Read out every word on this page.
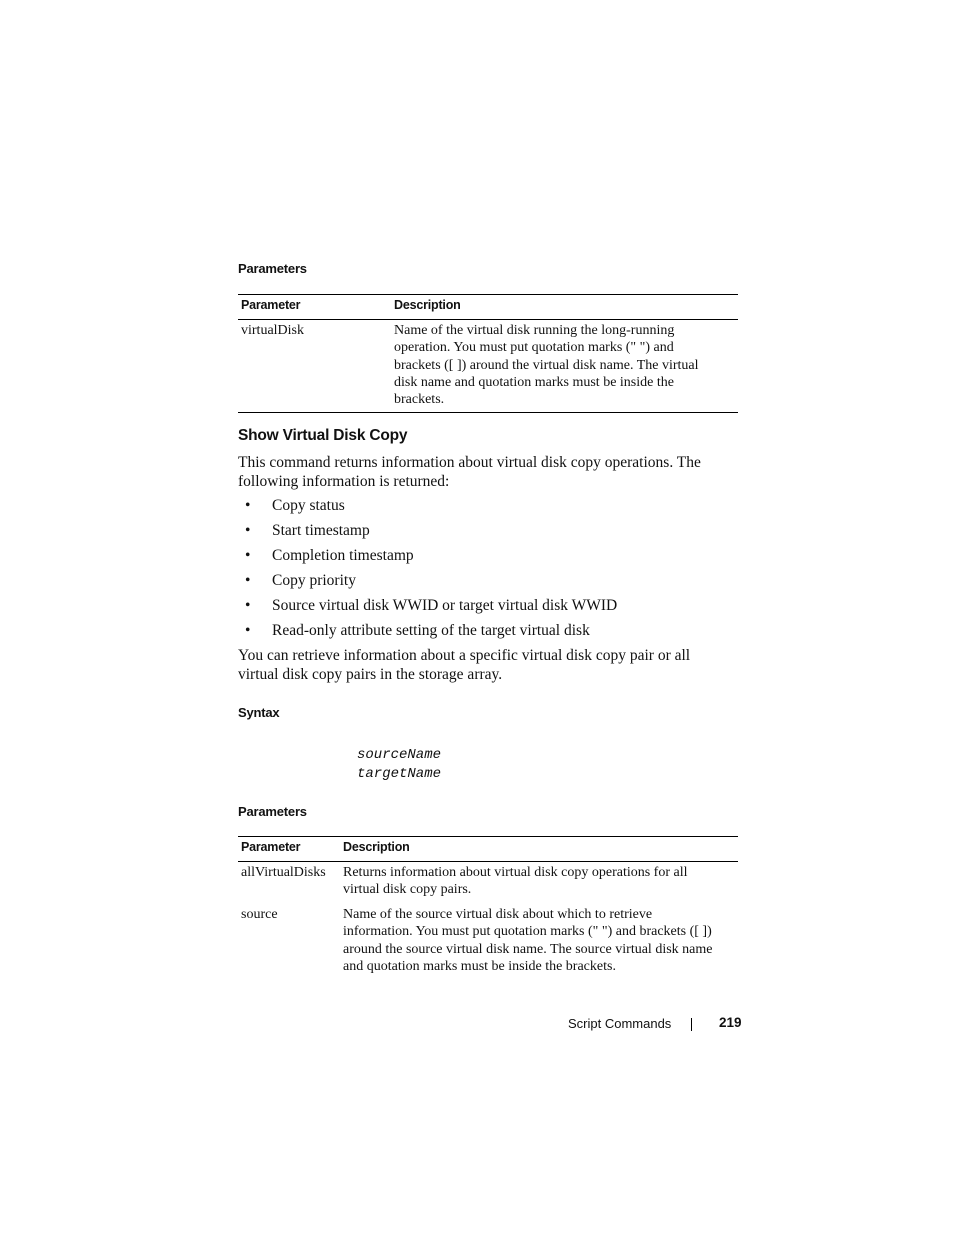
Parameters
Parameter	Description
virtualDisk	Name of the virtual disk running the long-running
operation. You must put quotation marks (" ") and
brackets ([ ]) around the virtual disk name. The virtual
disk name and quotation marks must be inside the
brackets.
Show Virtual Disk Copy
This command returns information about virtual disk copy operations. The
following information is returned:
• Copy status
• Start timestamp
• Completion timestamp
• Copy priority
• Source virtual disk WWID or target virtual disk WWID
• Read-only attribute setting of the target virtual disk
You can retrieve information about a specific virtual disk copy pair or all
virtual disk copy pairs in the storage array.
Syntax
sourceName
targetName
Parameters
Parameter	Description
allVirtualDisks Returns information about virtual disk copy operations for all
virtual disk copy pairs.
source	Name of the source virtual disk about which to retrieve
information. You must put quotation marks (" ") and brackets ([ ])
around the source virtual disk name. The source virtual disk name
and quotation marks must be inside the brackets.
Script Commands	219
